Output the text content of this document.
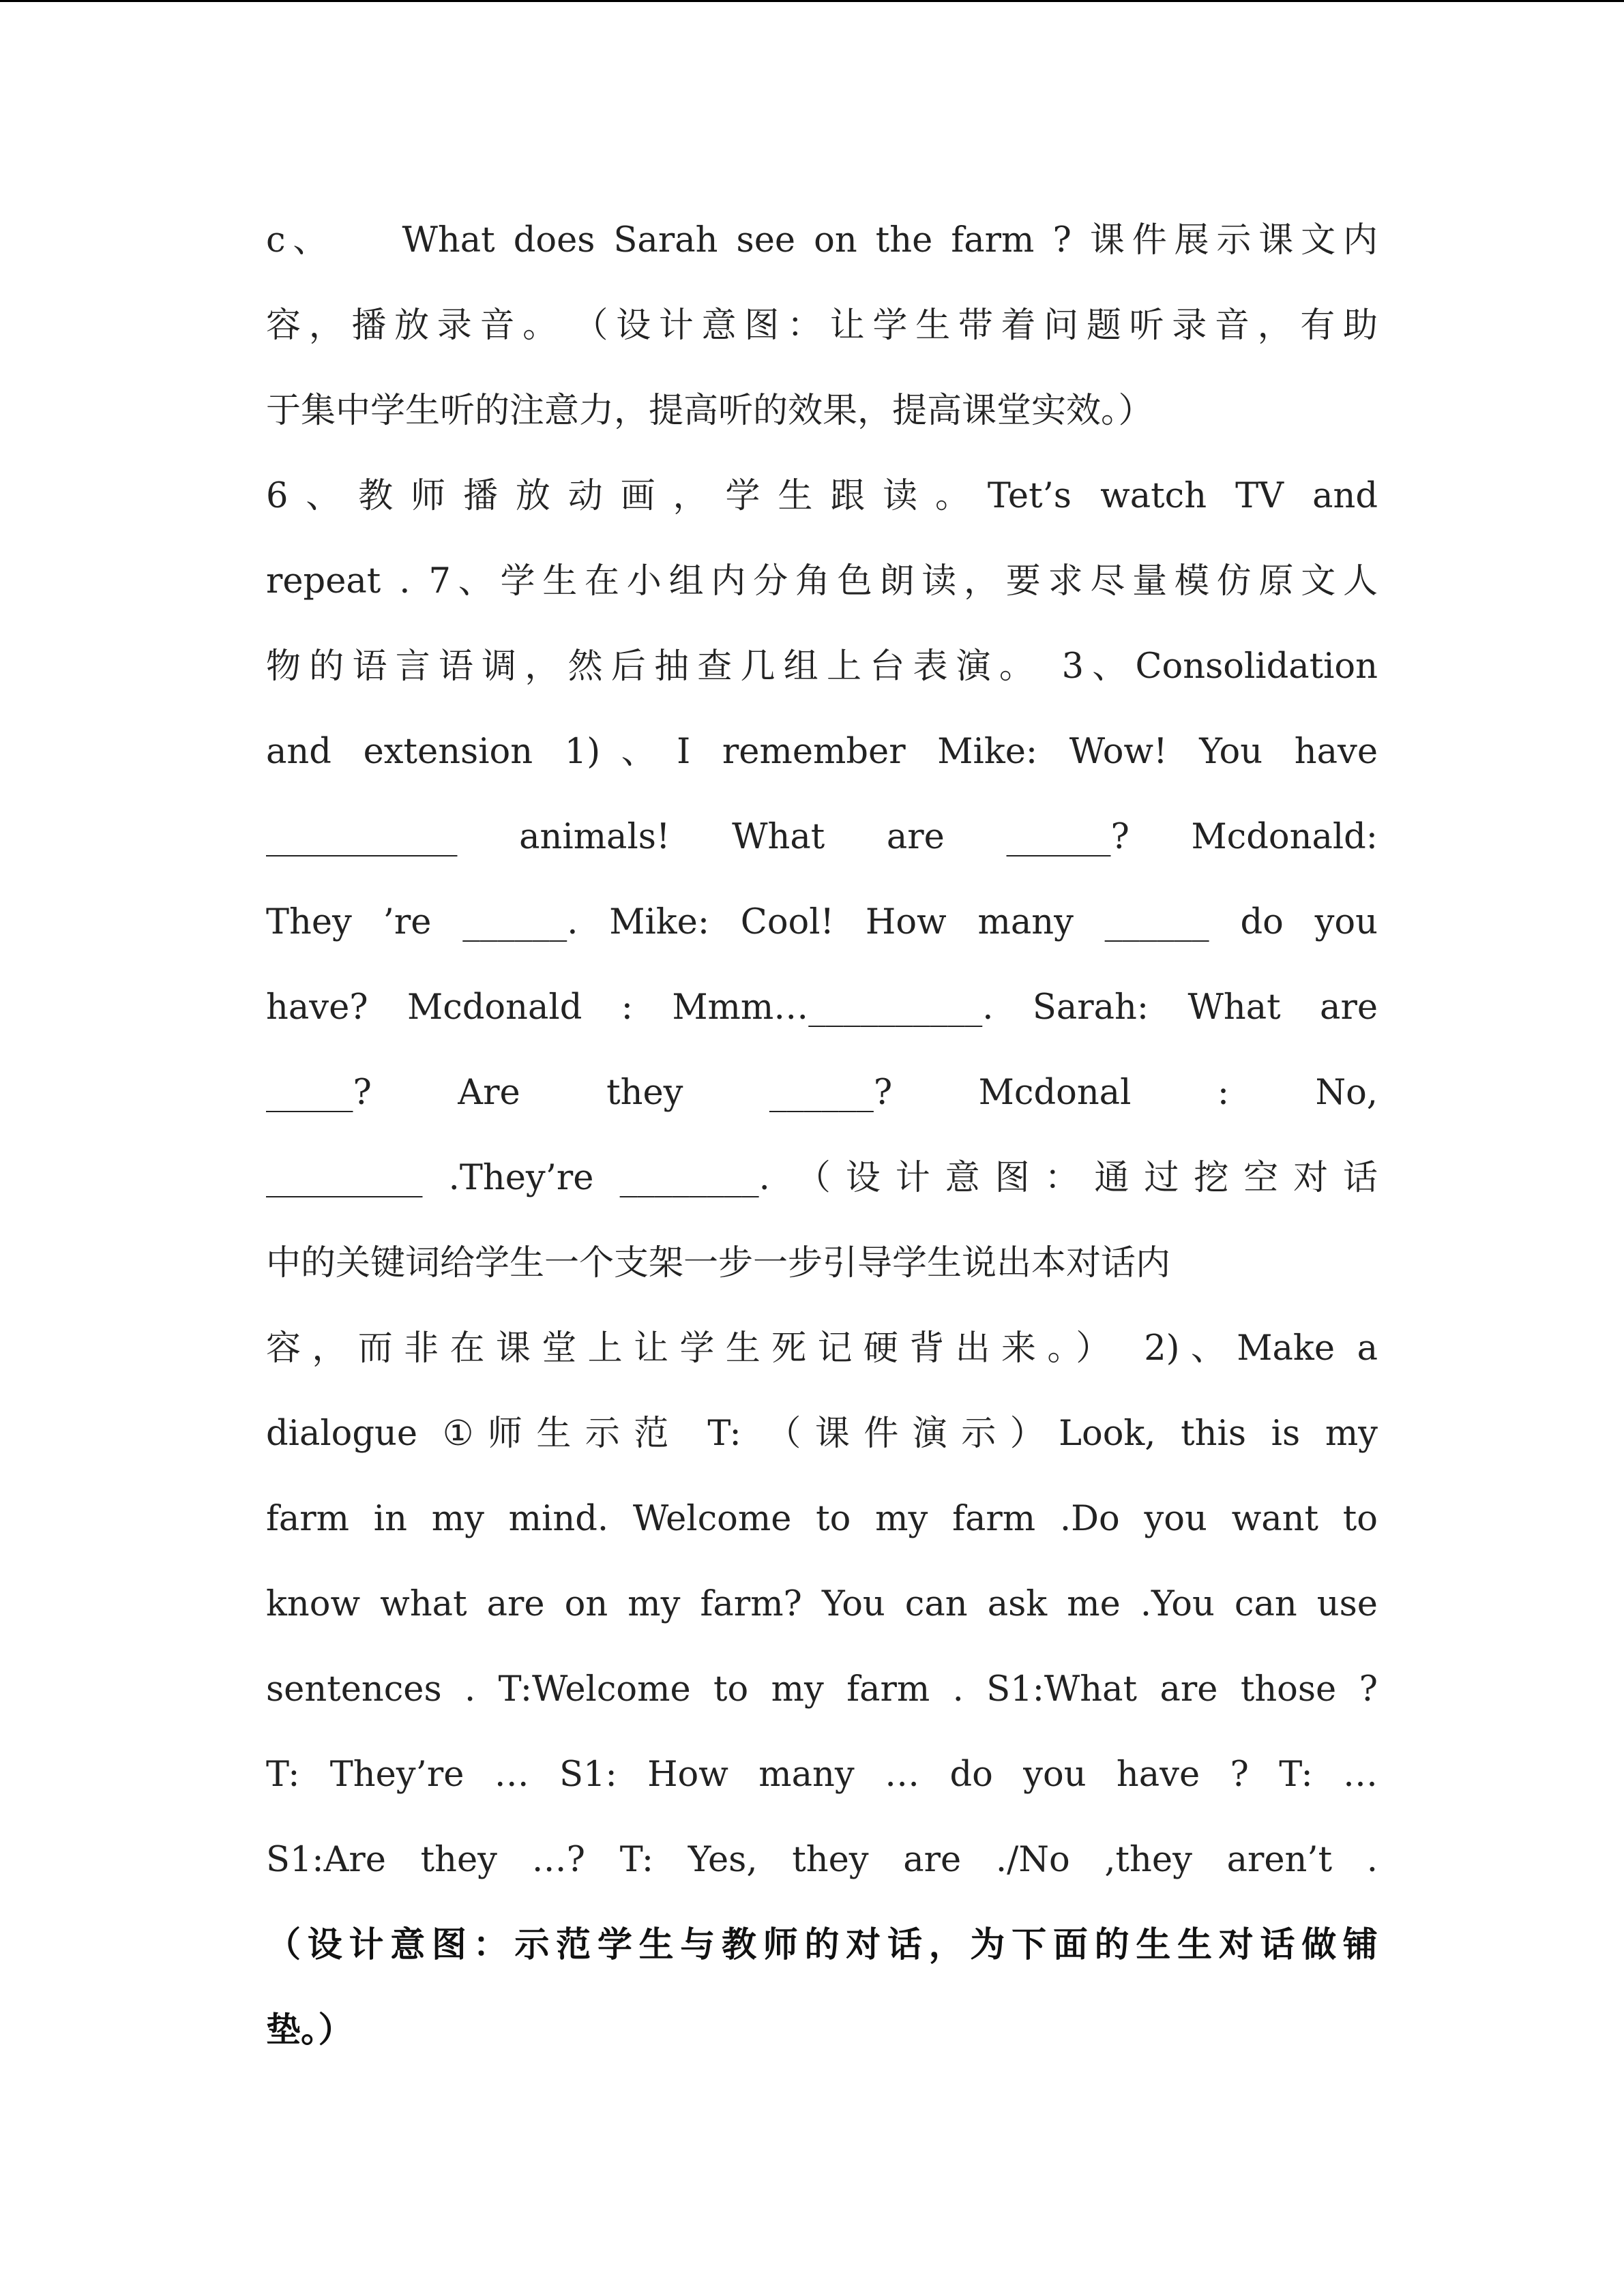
c、　　What does Sarah see on the farm ? 课件展示课文内
容，播放录音。　（设计意图：让学生带着问题听录音，有助
于集中学生听的注意力，提高听的效果，提高课堂实效。）
6、教师播放动画，学生跟读。Tet’s watch TV and
repeat . 7、学生在小组内分角色朗读，要求尽量模仿原文人
物的语言语调，然后抽查几组上台表演。 3、Consolidation
and extension 1)、I remember Mike: Wow! You have
___________ animals! What are ______? Mcdonald:
They ’re ______. Mike: Cool! How many ______ do you
have? Mcdonald : Mmm…__________. Sarah: What are
_____? Are they ______? Mcdonal : No,
_________ .They’re ________. （设计意图：通过挖空对话
中的关键词给学生一个支架一步一步引导学生说出本对话内
容，而非在课堂上让学生死记硬背出来。） 2)、Make a
dialogue ①师生示范 T: （课件演示）Look, this is my
farm in my mind. Welcome to my farm .Do you want to
know what are on my farm? You can ask me .You can use
sentences . T:Welcome to my farm . S1:What are those ?
T: They’re … S1: How many … do you have ? T: …
S1:Are they …? T: Yes, they are ./No ,they aren’t .
（设计意图：示范学生与教师的对话，为下面的生生对话做铺
垫。）
